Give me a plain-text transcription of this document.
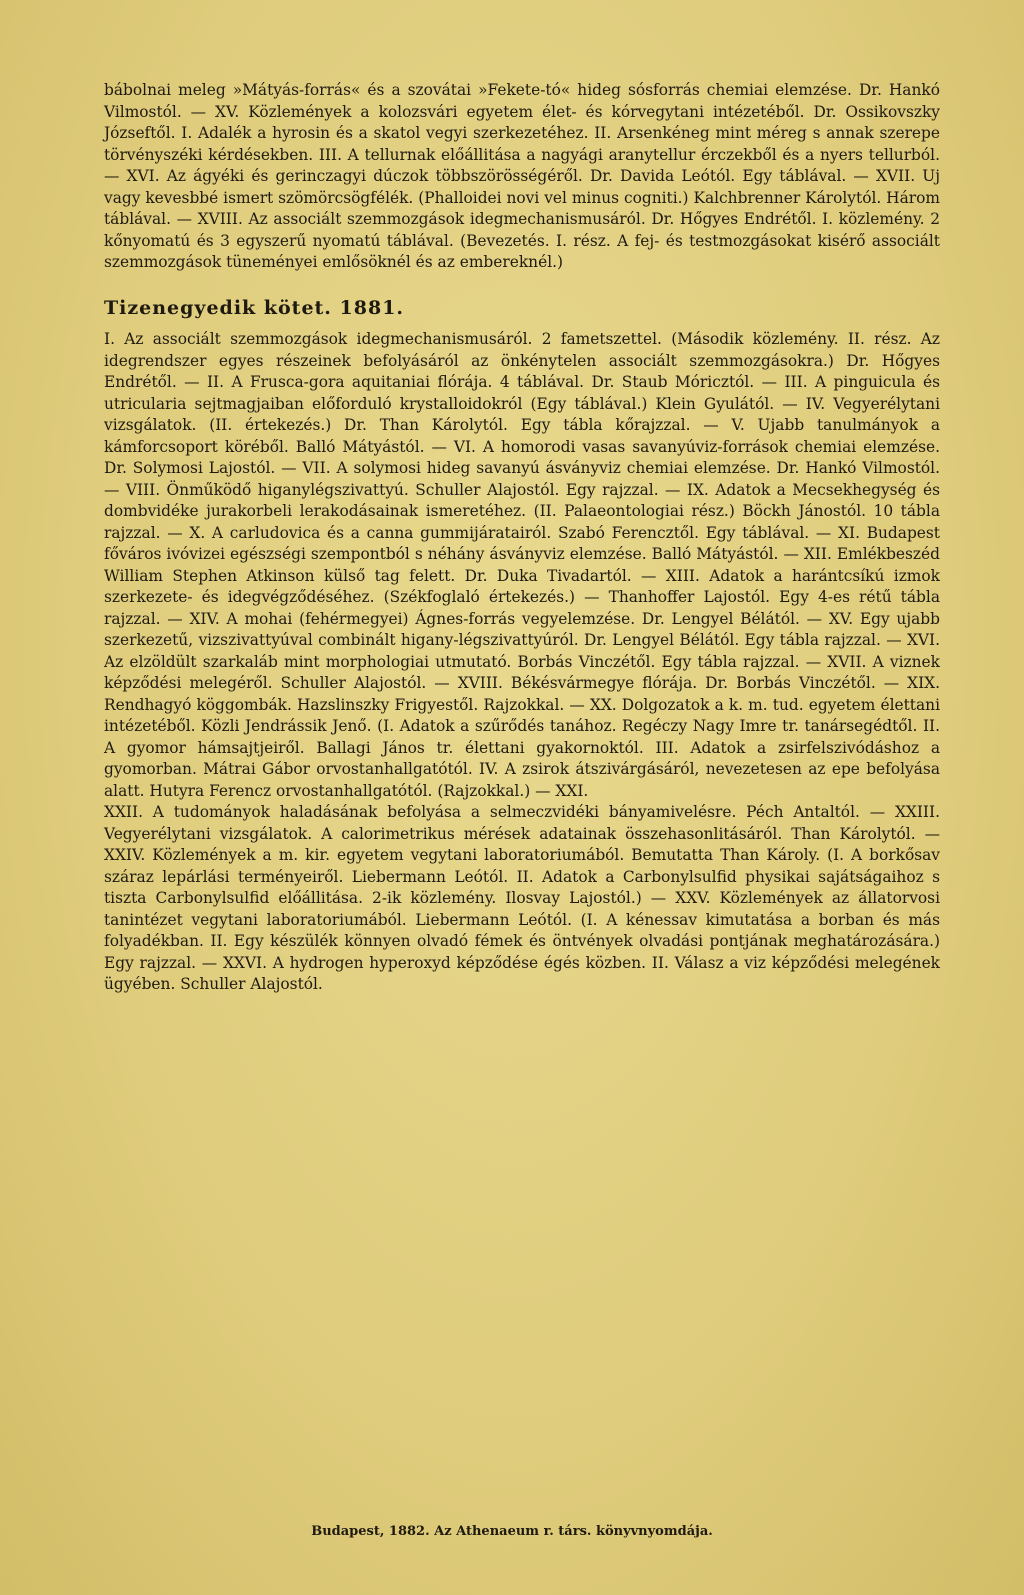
bábolnai meleg »Mátyás-forrás« és a szovátai »Fekete-tó« hideg sósforrás chemiai elemzése. Dr. Hankó Vilmostól. — XV. Közlemények a kolozsvári egyetem élet- és kórvegytani intézetéből. Dr. Ossikovszky Józseftől. I. Adalék a hyrosin és a skatol vegyi szerkezetéhez. II. Arsenkéneg mint méreg s annak szerepe törvényszéki kérdésekben. III. A tellurnak előállitása a nagyági aranytellur érczekből és a nyers tellurból. — XVI. Az ágyéki és gerinczagyi dúczok többszörösségéről. Dr. Davida Leótól. Egy táblával. — XVII. Uj vagy kevesbbé ismert szömörcsögfélék. (Phalloidei novi vel minus cogniti.) Kalchbrenner Károlytól. Három táblával. — XVIII. Az associált szemmozgások idegmechanismusáról. Dr. Hőgyes Endrétől. I. közlemény. 2 kőnyomatú és 3 egyszerű nyomatú táblával. (Bevezetés. I. rész. A fej- és testmozgásokat kisérő associált szemmozgások tüneményei emlősöknél és az embereknél.)

Tizenegyedik kötet. 1881.

I. Az associált szemmozgások idegmechanismusáról. 2 fametszettel. (Második közlemény. II. rész. Az idegrendszer egyes részeinek befolyásáról az önkénytelen associált szemmozgásokra.) Dr. Hőgyes Endrétől. — II. A Frusca-gora aquitaniai flórája. 4 táblával. Dr. Staub Móricztól. — III. A pinguicula és utricularia sejtmagjaiban előforduló krystalloidokról (Egy táblával.) Klein Gyulától. — IV. Vegyerélytani vizsgálatok. (II. értekezés.) Dr. Than Károlytól. Egy tábla kőrajzzal. — V. Ujabb tanulmányok a kámforcsoport köréből. Balló Mátyástól. — VI. A homorodi vasas savanyúviz-források chemiai elemzése. Dr. Solymosi Lajostól. — VII. A solymosi hideg savanyú ásványviz chemiai elemzése. Dr. Hankó Vilmostól. — VIII. Önműködő higanylégszivattyú. Schuller Alajostól. Egy rajzzal. — IX. Adatok a Mecsekhegység és dombvidéke jurakorbeli lerakodásainak ismeretéhez. (II. Palaeontologiai rész.) Böckh Jánostól. 10 tábla rajzzal. — X. A carludovica és a canna gummijáratairól. Szabó Ferencztől. Egy táblával. — XI. Budapest főváros ivóvizei egészségi szempontból s néhány ásványviz elemzése. Balló Mátyástól. — XII. Emlékbeszéd William Stephen Atkinson külső tag felett. Dr. Duka Tivadartól. — XIII. Adatok a harántcsíkú izmok szerkezete- és idegvégződéséhez. (Székfoglaló értekezés.) — Thanhoffer Lajostól. Egy 4-es rétű tábla rajzzal. — XIV. A mohai (fehérmegyei) Ágnes-forrás vegyelemzése. Dr. Lengyel Bélától. — XV. Egy ujabb szerkezetű, vizszivattyúval combinált higany-légszivattyúról. Dr. Lengyel Bélától. Egy tábla rajzzal. — XVI. Az elzöldült szarkaláb mint morphologiai utmutató. Borbás Vinczétől. Egy tábla rajzzal. — XVII. A viznek képződési melegéről. Schuller Alajostól. — XVIII. Békésvármegye flórája. Dr. Borbás Vinczétől. — XIX. Rendhagyó köggombák. Hazslinszky Frigyestől. Rajzokkal. — XX. Dolgozatok a k. m. tud. egyetem élettani intézetéből. Közli Jendrássik Jenő. (I. Adatok a szűrődés tanához. Regéczy Nagy Imre tr. tanársegédtől. II. A gyomor hámsajtjeiről. Ballagi János tr. élettani gyakornoktól. III. Adatok a zsirfelszivódáshoz a gyomorban. Mátrai Gábor orvostanhallgatótól. IV. A zsirok átszivárgásáról, nevezetesen az epe befolyása alatt. Hutyra Ferencz orvostanhallgatótól. (Rajzokkal.) — XXI.

XXII. A tudományok haladásának befolyása a selmeczvidéki bányamivelésre. Péch Antaltól. — XXIII. Vegyerélytani vizsgálatok. A calorimetrikus mérések adatainak összehasonlitásáról. Than Károlytól. — XXIV. Közlemények a m. kir. egyetem vegytani laboratoriumából. Bemutatta Than Károly. (I. A borkősav száraz lepárlási terményeiről. Liebermann Leótól. II. Adatok a Carbonylsulfid physikai sajátságaihoz s tiszta Carbonylsulfid előállitása. 2-ik közlemény. Ilosvay Lajostól.) — XXV. Közlemények az állatorvosi tanintézet vegytani laboratoriumából. Liebermann Leótól. (I. A kénessav kimutatása a borban és más folyadékban. II. Egy készülék könnyen olvadó fémek és öntvények olvadási pontjának meghatározására.) Egy rajzzal. — XXVI. A hydrogen hyperoxyd képződése égés közben. II. Válasz a viz képződési melegének ügyében. Schuller Alajostól.

Budapest, 1882. Az Athenaeum r. társ. könyvnyomdája.
